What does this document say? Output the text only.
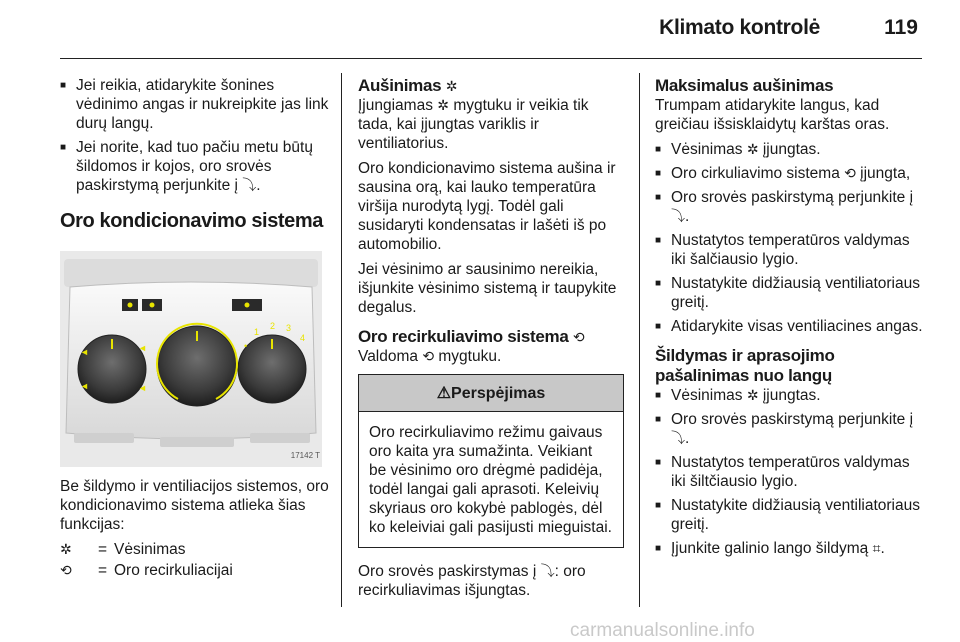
Klimato kontrolė	119
■ Jei reikia, atidarykite šonines vėdinimo angas ir nukreipkite jas link durų langų.
■ Jei norite, kad tuo pačiu metu būtų šildomos ir kojos, oro srovės paskirstymą perjunkite į ⤵.
Oro kondicionavimo sistema
◄
◄
◄
◄
1
2 3
4
•
17142 T

Be šildymo ir ventiliacijos sistemos, oro kondicionavimo sistema atlieka šias funkcijas:

✲	= Vėsinimas
⟲	= Oro recirkuliacijai
Aušinimas ✲

Įjungiamas ✲ mygtuku ir veikia tik tada, kai įjungtas variklis ir ventiliatorius.

Oro kondicionavimo sistema aušina ir sausina orą, kai lauko temperatūra viršija nurodytą lygį. Todėl gali susidaryti kondensatas ir lašėti iš po automobilio.

Jei vėsinimo ar sausinimo nereikia, išjunkite vėsinimo sistemą ir taupykite degalus.

Oro recirkuliavimo sistema ⟲

Valdoma ⟲ mygtuku.

⚠Perspėjimas
Oro recirkuliavimo režimu gaivaus oro kaita yra sumažinta. Veikiant be vėsinimo oro drėgmė padidėja, todėl langai gali aprasoti. Keleivių skyriaus oro kokybė pablogės, dėl ko keleiviai gali pasijusti mieguistai.

Oro srovės paskirstymas į ⤵: oro recirkuliavimas išjungtas.

Maksimalus aušinimas

Trumpam atidarykite langus, kad greičiau išsisklaidytų karštas oras.

■ Vėsinimas ✲ įjungtas.
■ Oro cirkuliavimo sistema ⟲ įjungta,
■ Oro srovės paskirstymą perjunkite į ⤵.
■ Nustatytos temperatūros valdymas iki šalčiausio lygio.
■ Nustatykite didžiausią ventiliatoriaus greitį.
■ Atidarykite visas ventiliacines angas.
Šildymas ir aprasojimo
pašalinimas nuo langų
■ Vėsinimas ✲ įjungtas.
■ Oro srovės paskirstymą perjunkite į ⤵.
■ Nustatytos temperatūros valdymas iki šiltčiausio lygio.
■ Nustatykite didžiausią ventiliatoriaus greitį.
■ Įjunkite galinio lango šildymą ⌗.
carmanualsonline.info
